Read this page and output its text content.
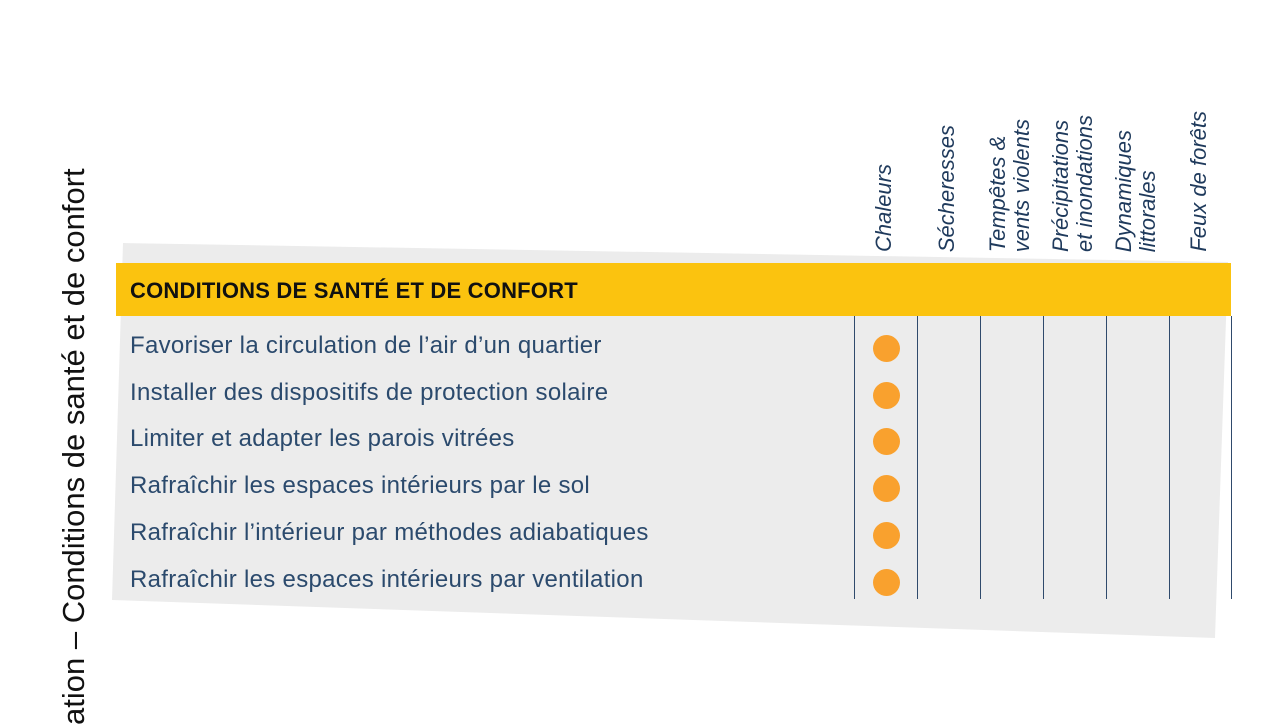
ation – Conditions de santé et de confort CONDITIONS DE SANTÉ ET DE CONFORT
Chaleurs Sécheresses Tempêtes & vents violents Précipitations et inondations Dynamiques littorales Feux de forêts
Favoriser la circulation de l’air d’un quartier
Installer des dispositifs de protection solaire
Limiter et adapter les parois vitrées
Rafraîchir les espaces intérieurs par le sol
Rafraîchir l’intérieur par méthodes adiabatiques
Rafraîchir les espaces intérieurs par ventilation
